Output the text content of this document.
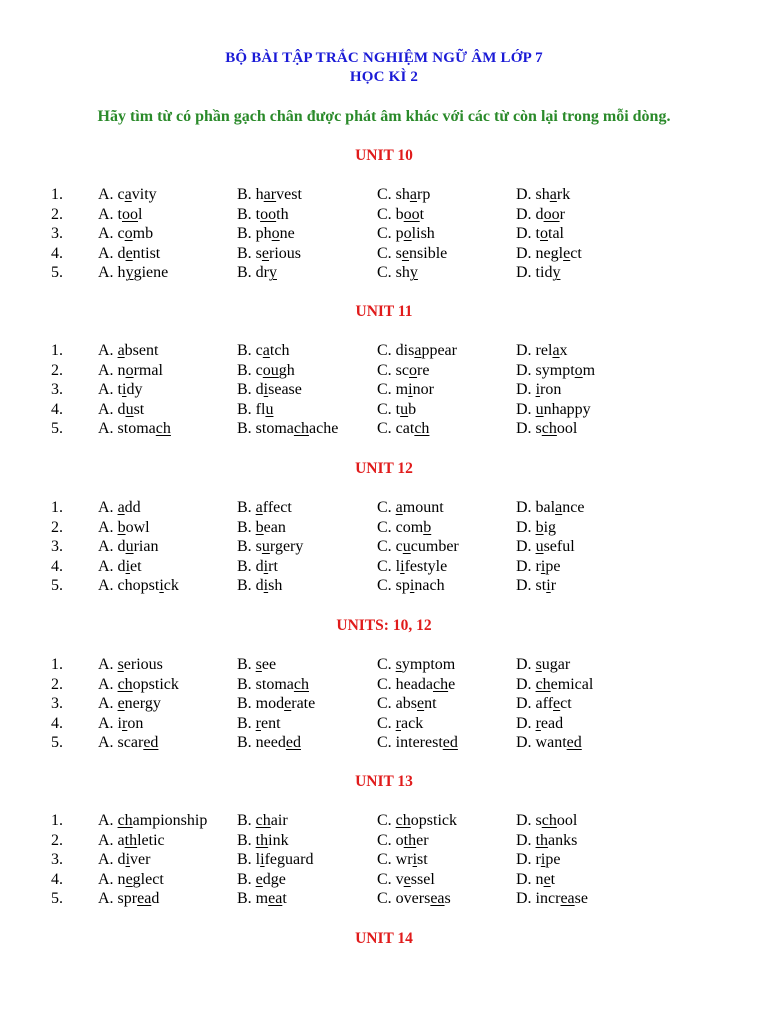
BỘ BÀI TẬP TRẮC NGHIỆM NGỮ ÂM LỚP 7
HỌC KÌ 2
Hãy tìm từ có phần gạch chân được phát âm khác với các từ còn lại trong mỗi dòng.
UNIT 10
1. A. cavity	B. harvest	C. sharp	D. shark
2. A. tool	B. tooth	C. boot	D. door
3. A. comb	B. phone	C. polish	D. total
4. A. dentist	B. serious	C. sensible	D. neglect
5. A. hygiene	B. dry	C. shy	D. tidy
UNIT 11
1. A. absent	B. catch	C. disappear	D. relax
2. A. normal	B. cough	C. score	D. symptom
3. A. tidy	B. disease	C. minor	D. iron
4. A. dust	B. flu	C. tub	D. unhappy
5. A. stomach	B. stomachache C. catch	D. school
UNIT 12
1. A. add	B. affect	C. amount	D. balance
2. A. bowl	B. bean	C. comb	D. big
3. A. durian	B. surgery	C. cucumber	D. useful
4. A. diet	B. dirt	C. lifestyle	D. ripe
5. A. chopstick	B. dish	C. spinach	D. stir
UNITS: 10, 12
1. A. serious	B. see	C. symptom	D. sugar
2. A. chopstick	B. stomach	C. headache	D. chemical
3. A. energy	B. moderate	C. absent	D. affect
4. A. iron	B. rent	C. rack	D. read
5. A. scared	B. needed	C. interested	D. wanted
UNIT 13
1. A. championship B. chair	C. chopstick	D. school
2. A. athletic	B. think	C. other	D. thanks
3. A. diver	B. lifeguard	C. wrist	D. ripe
4. A. neglect	B. edge	C. vessel	D. net
5. A. spread	B. meat	C. overseas	D. increase
UNIT 14
